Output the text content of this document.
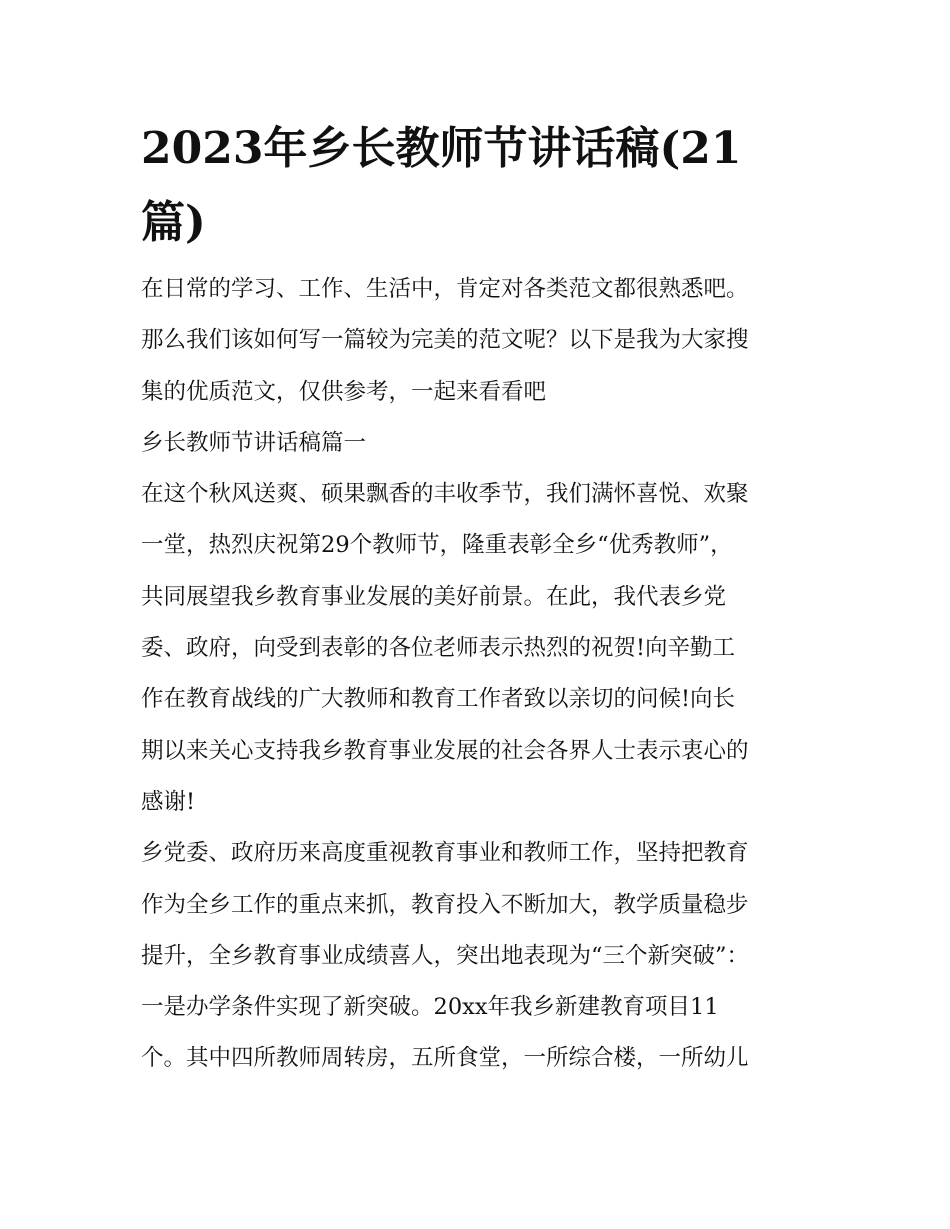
2023年乡长教师节讲话稿(21
篇)
在日常的学习、工作、生活中，肯定对各类范文都很熟悉吧。
那么我们该如何写一篇较为完美的范文呢？以下是我为大家搜
集的优质范文，仅供参考，一起来看看吧
乡长教师节讲话稿篇一
在这个秋风送爽、硕果飘香的丰收季节，我们满怀喜悦、欢聚
一堂，热烈庆祝第29个教师节，隆重表彰全乡“优秀教师”，
共同展望我乡教育事业发展的美好前景。在此，我代表乡党
委、政府，向受到表彰的各位老师表示热烈的祝贺!向辛勤工
作在教育战线的广大教师和教育工作者致以亲切的问候!向长
期以来关心支持我乡教育事业发展的社会各界人士表示衷心的
感谢!
乡党委、政府历来高度重视教育事业和教师工作，坚持把教育
作为全乡工作的重点来抓，教育投入不断加大，教学质量稳步
提升，全乡教育事业成绩喜人，突出地表现为“三个新突破”：
一是办学条件实现了新突破。20xx年我乡新建教育项目11
个。其中四所教师周转房，五所食堂，一所综合楼，一所幼儿
